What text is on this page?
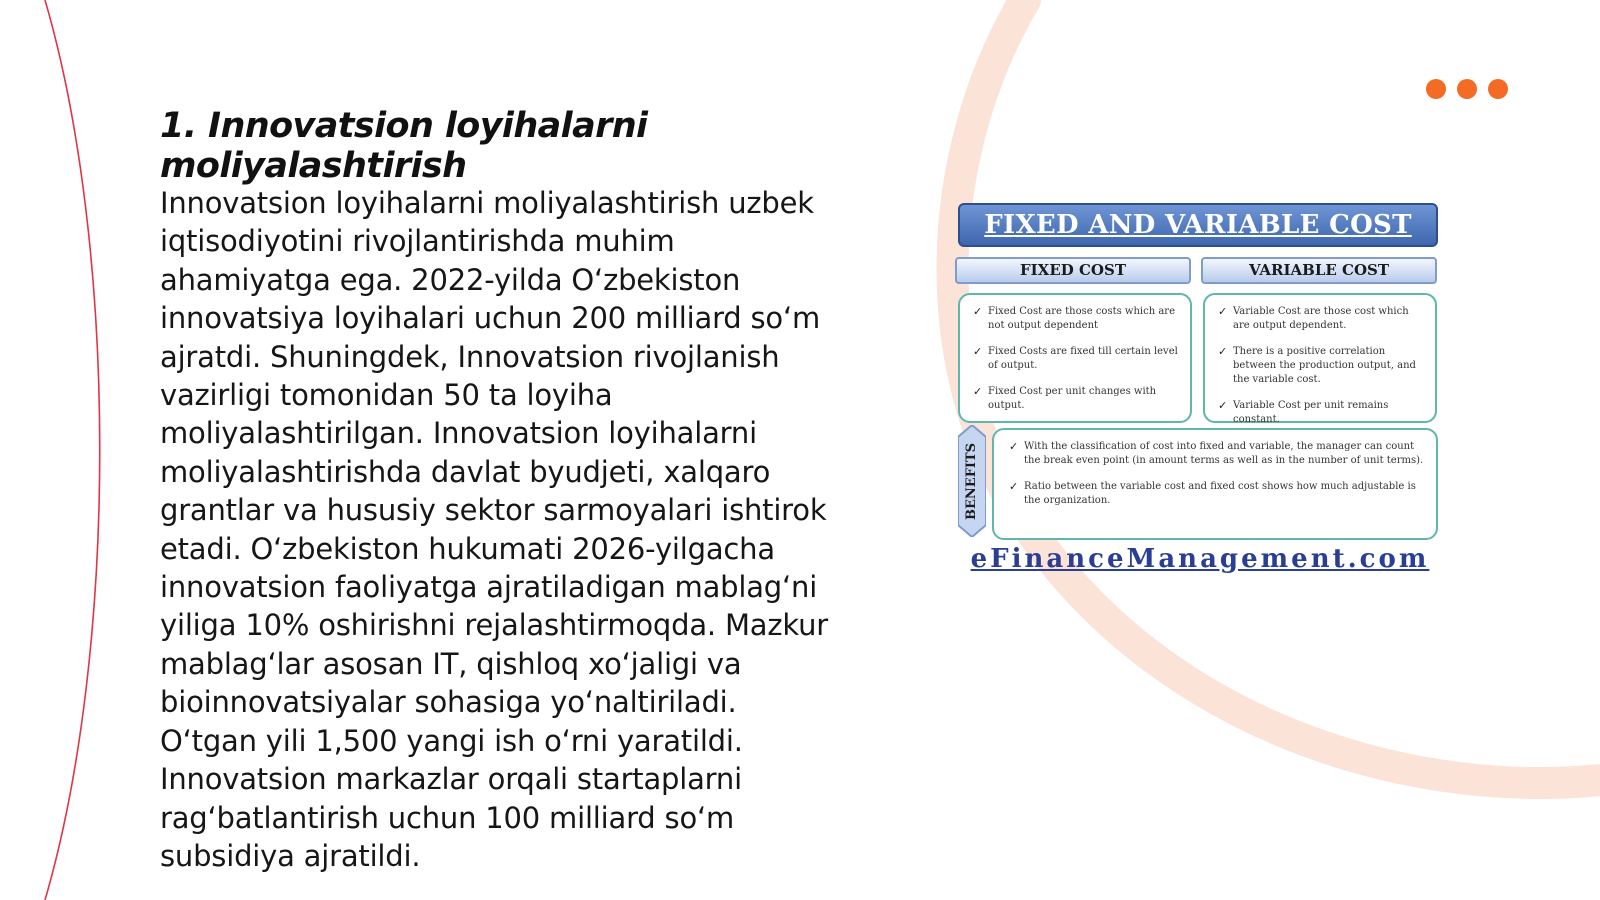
1. Innovatsion loyihalarni moliyalashtirish

Innovatsion loyihalarni moliyalashtirish uzbek iqtisodiyotini rivojlantirishda muhim ahamiyatga ega. 2022-yilda O‘zbekiston innovatsiya loyihalari uchun 200 milliard so‘m ajratdi. Shuningdek, Innovatsion rivojlanish vazirligi tomonidan 50 ta loyiha moliyalashtirilgan. Innovatsion loyihalarni moliyalashtirishda davlat byudjeti, xalqaro grantlar va hususiy sektor sarmoyalari ishtirok etadi. O‘zbekiston hukumati 2026-yilgacha innovatsion faoliyatga ajratiladigan mablag‘ni yiliga 10% oshirishni rejalashtirmoqda. Mazkur mablag‘lar asosan IT, qishloq xo‘jaligi va bioinnovatsiyalar sohasiga yo‘naltiriladi. O‘tgan yili 1,500 yangi ish o‘rni yaratildi. Innovatsion markazlar orqali startaplarni rag‘batlantirish uchun 100 milliard so‘m subsidiya ajratildi.

FIXED AND VARIABLE COST
FIXED COST	VARIABLE COST
✓ Fixed Cost are those costs which are not output dependent
✓ Fixed Costs are fixed till certain level of output.
✓ Fixed Cost per unit changes with output.
✓ Variable Cost are those cost which are output dependent.
✓ There is a positive correlation between the production output, and the variable cost.
✓ Variable Cost per unit remains constant.
BENEFITS	✓ With the classification of cost into fixed and variable, the manager can count the break even point (in amount terms as well as in the number of unit terms).
✓ Ratio between the variable cost and fixed cost shows how much adjustable is the organization.
eFinanceManagement.com
